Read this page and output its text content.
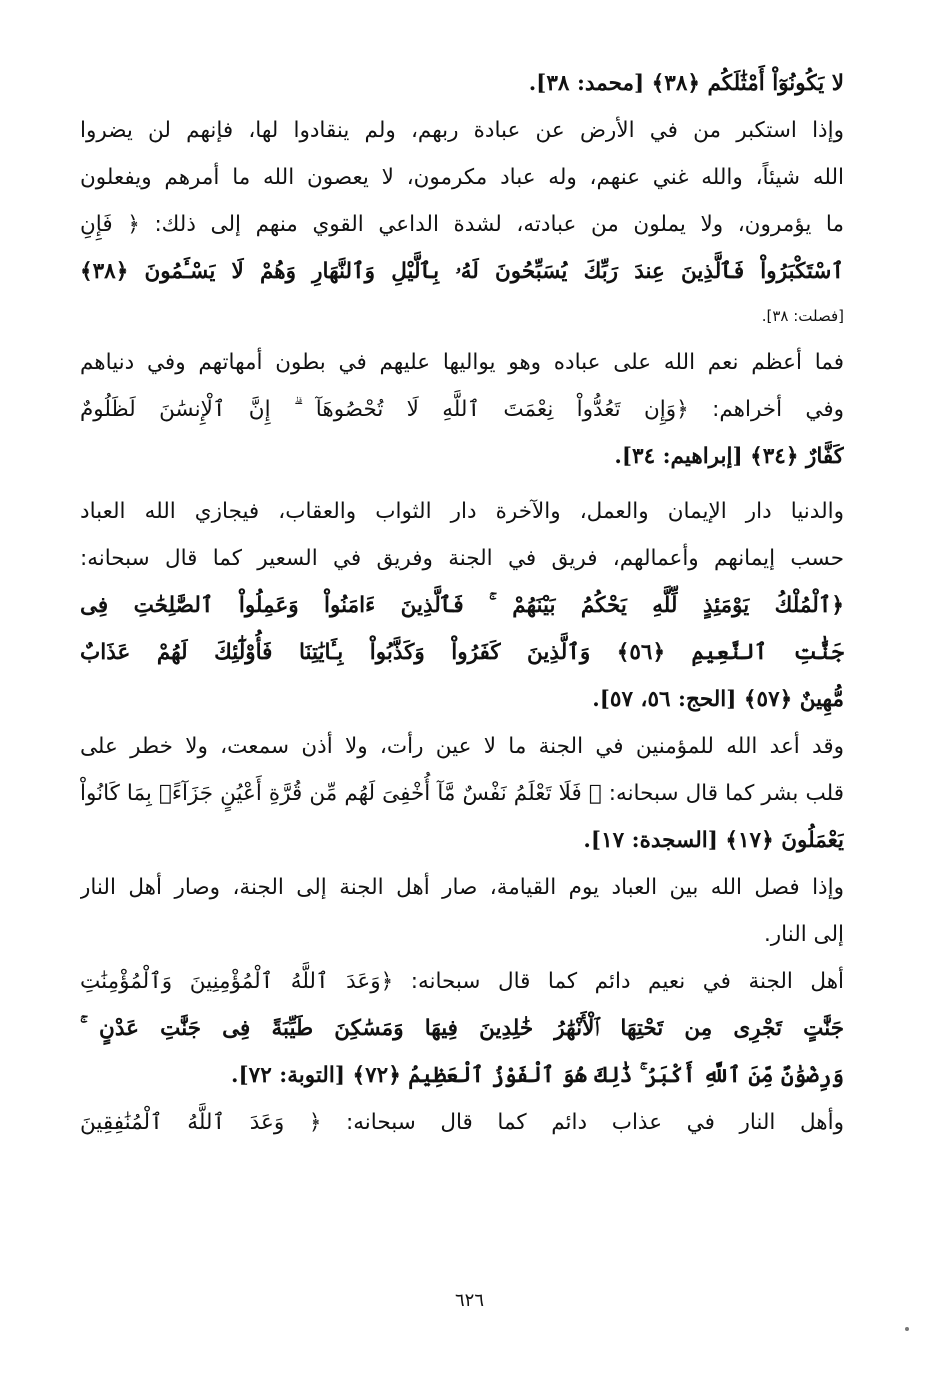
لا يَكُونُوٓاْ أَمْثَٰلَكُم ﴿٣٨﴾ [محمد: ٣٨].
وإذا استكبر من في الأرض عن عبادة ربهم، ولم ينقادوا لها، فإنهم لن يضروا
الله شيئاً، والله غني عنهم، وله عباد مكرمون، لا يعصون الله ما أمرهم ويفعلون
ما يؤمرون، ولا يملون من عبادته، لشدة الداعي القوي منهم إلى ذلك: ﴿ فَإِنِ
ٱسْتَكْبَرُواْ فَٱلَّذِينَ عِندَ رَبِّكَ يُسَبِّحُونَ لَهُۥ بِٱلَّيْلِ وَٱلنَّهَارِ وَهُمْ لَا يَسْـَٔمُونَ ﴿٣٨﴾
[فصلت: ٣٨].
فما أعظم نعم الله على عباده وهو يواليها عليهم في بطون أمهاتهم وفي دنياهم
وفي أخراهم: ﴿وَإِن تَعُدُّواْ نِعْمَتَ ٱللَّهِ لَا تُحْصُوهَآ ۗ إِنَّ ٱلْإِنسَٰنَ لَظَلُومٌ
كَفَّارٌ ﴿٣٤﴾ [إبراهيم: ٣٤].
والدنيا دار الإيمان والعمل، والآخرة دار الثواب والعقاب، فيجازي الله العباد
حسب إيمانهم وأعمالهم، فريق في الجنة وفريق في السعير كما قال سبحانه:
﴿ٱلْمُلْكُ يَوْمَئِذٍ لِّلَّهِ يَحْكُمُ بَيْنَهُمْ ۚ فَٱلَّذِينَ ءَامَنُواْ وَعَمِلُواْ ٱلصَّٰلِحَٰتِ فِى
جَنَّٰتِ ٱلنَّعِيمِ ﴿٥٦﴾ وَٱلَّذِينَ كَفَرُواْ وَكَذَّبُواْ بِـَٔايَٰتِنَا فَأُوْلَٰٓئِكَ لَهُمْ عَذَابٌ
مُّهِينٌ ﴿٥٧﴾ [الحج: ٥٦، ٥٧].
وقد أعد الله للمؤمنين في الجنة ما لا عين رأت، ولا أذن سمعت، ولا خطر على
قلب بشر كما قال سبحانه: ﴿ فَلَا تَعْلَمُ نَفْسٌ مَّآ أُخْفِىَ لَهُم مِّن قُرَّةِ أَعْيُنٍ جَزَآءًۢ بِمَا كَانُواْ
يَعْمَلُونَ ﴿١٧﴾ [السجدة: ١٧].
وإذا فصل الله بين العباد يوم القيامة، صار أهل الجنة إلى الجنة، وصار أهل النار
إلى النار.
أهل الجنة في نعيم دائم كما قال سبحانه: ﴿وَعَدَ ٱللَّهُ ٱلْمُؤْمِنِينَ وَٱلْمُؤْمِنَٰتِ
جَنَّٰتٍ تَجْرِى مِن تَحْتِهَا ٱلْأَنْهَٰرُ خَٰلِدِينَ فِيهَا وَمَسَٰكِنَ طَيِّبَةً فِى جَنَّٰتِ عَدْنٍ ۚ
وَرِضْوَٰنٌ مِّنَ ٱللَّهِ أَكْبَرُ ۚ ذَٰلِكَ هُوَ ٱلْفَوْزُ ٱلْعَظِيمُ ﴿٧٢﴾ [التوبة: ٧٢].
وأهل النار في عذاب دائم كما قال سبحانه: ﴿ وَعَدَ ٱللَّهُ ٱلْمُنَٰفِقِينَ
٦٢٦
